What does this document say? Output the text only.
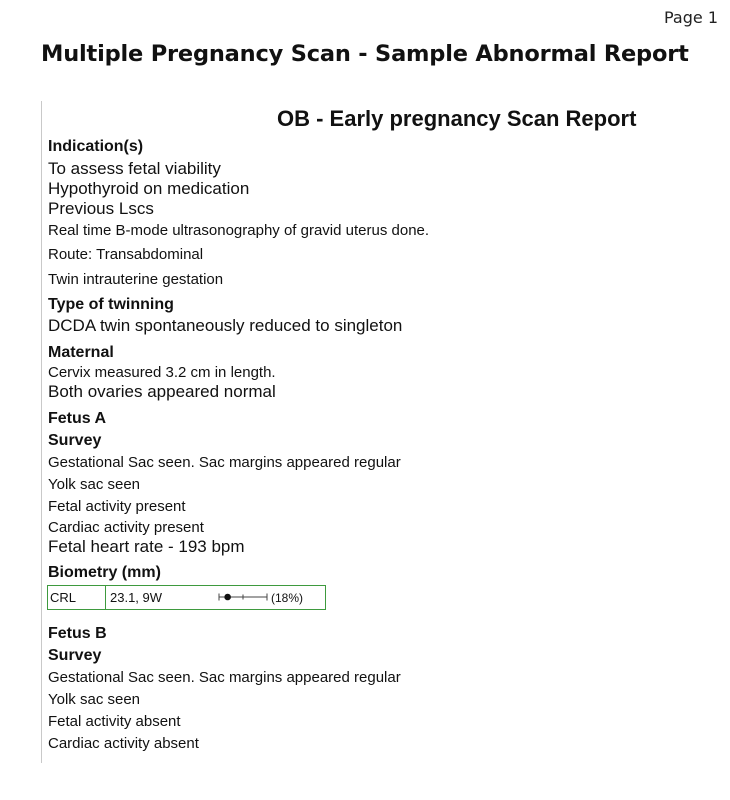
Page 1
Multiple Pregnancy Scan - Sample Abnormal Report
OB - Early pregnancy Scan Report
Indication(s)
To assess fetal viability
Hypothyroid on medication
Previous Lscs
Real time B-mode ultrasonography of gravid uterus done.
Route: Transabdominal
Twin intrauterine gestation
Type of twinning
DCDA twin spontaneously reduced to singleton
Maternal
Cervix measured 3.2 cm in length.
Both ovaries appeared normal
Fetus A
Survey
Gestational Sac seen. Sac margins appeared regular
Yolk sac seen
Fetal activity present
Cardiac activity present
Fetal heart rate - 193 bpm
Biometry (mm)
CRL	23.1, 9W	(18%)
Fetus B
Survey
Gestational Sac seen. Sac margins appeared regular
Yolk sac seen
Fetal activity absent
Cardiac activity absent
